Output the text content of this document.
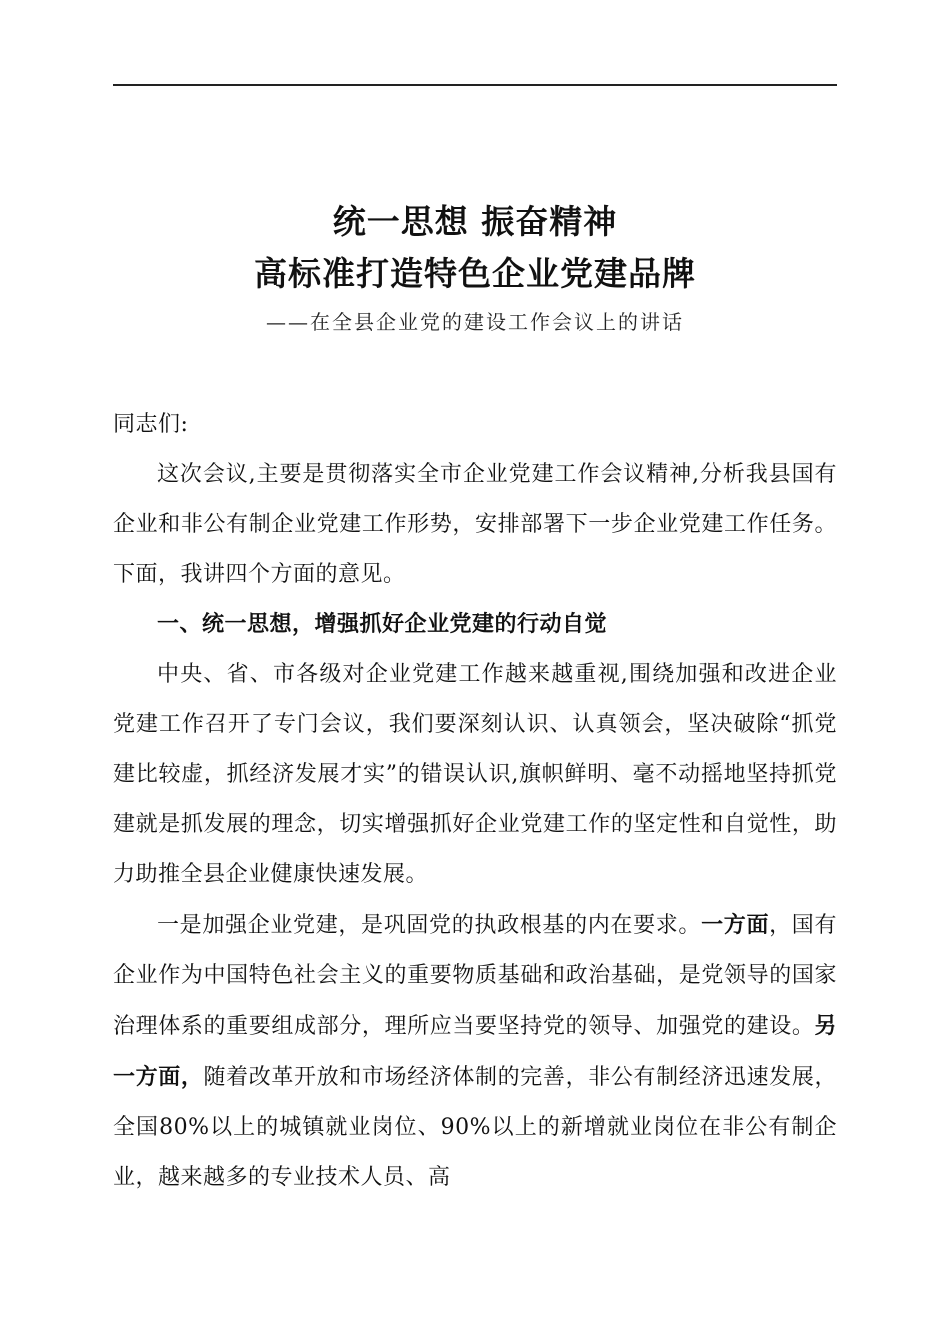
统一思想 振奋精神
高标准打造特色企业党建品牌
——在全县企业党的建设工作会议上的讲话

同志们:

这次会议,主要是贯彻落实全市企业党建工作会议精神,分析我县国有企业和非公有制企业党建工作形势，安排部署下一步企业党建工作任务。下面，我讲四个方面的意见。

一、统一思想，增强抓好企业党建的行动自觉

中央、省、市各级对企业党建工作越来越重视,围绕加强和改进企业党建工作召开了专门会议，我们要深刻认识、认真领会，坚决破除“抓党建比较虚，抓经济发展才实”的错误认识,旗帜鲜明、毫不动摇地坚持抓党建就是抓发展的理念，切实增强抓好企业党建工作的坚定性和自觉性，助力助推全县企业健康快速发展。

一是加强企业党建，是巩固党的执政根基的内在要求。一方面，国有企业作为中国特色社会主义的重要物质基础和政治基础，是党领导的国家治理体系的重要组成部分，理所应当要坚持党的领导、加强党的建设。另一方面，随着改革开放和市场经济体制的完善，非公有制经济迅速发展，全国80%以上的城镇就业岗位、90%以上的新增就业岗位在非公有制企业，越来越多的专业技术人员、高
